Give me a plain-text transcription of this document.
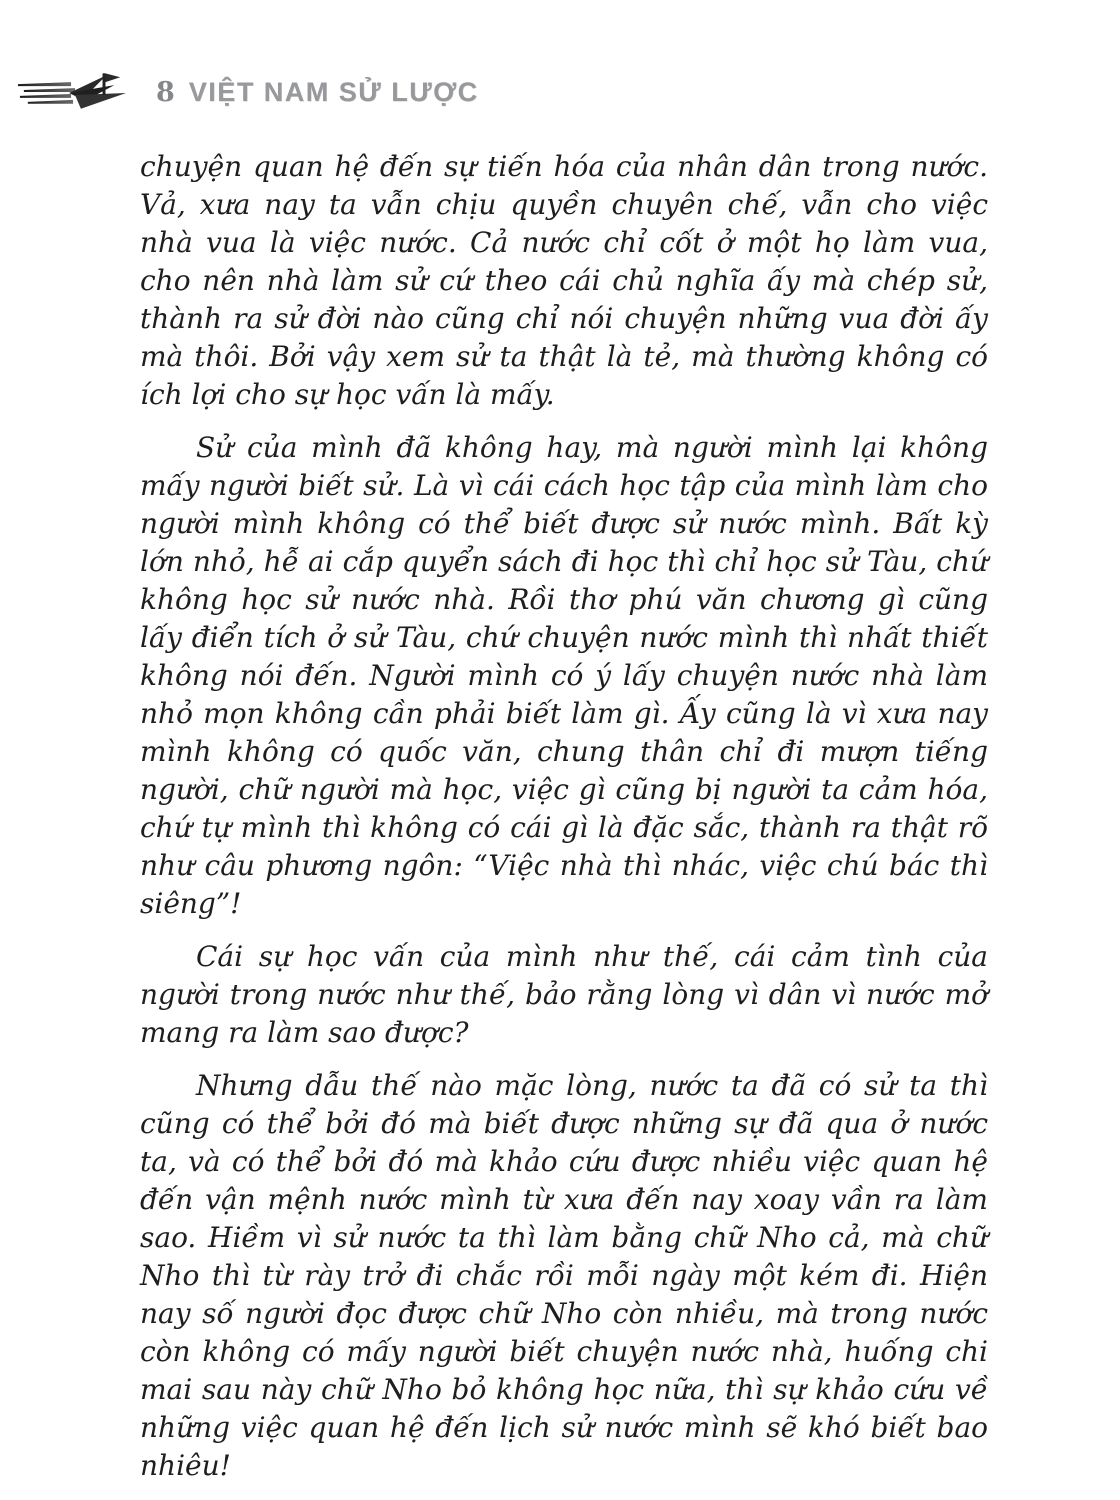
8 VIỆT NAM SỬ LƯỢC

chuyện quan hệ đến sự tiến hóa của nhân dân trong nước. Vả, xưa nay ta vẫn chịu quyền chuyên chế, vẫn cho việc nhà vua là việc nước. Cả nước chỉ cốt ở một họ làm vua, cho nên nhà làm sử cứ theo cái chủ nghĩa ấy mà chép sử, thành ra sử đời nào cũng chỉ nói chuyện những vua đời ấy mà thôi. Bởi vậy xem sử ta thật là tẻ, mà thường không có ích lợi cho sự học vấn là mấy.

Sử của mình đã không hay, mà người mình lại không mấy người biết sử. Là vì cái cách học tập của mình làm cho người mình không có thể biết được sử nước mình. Bất kỳ lớn nhỏ, hễ ai cắp quyển sách đi học thì chỉ học sử Tàu, chứ không học sử nước nhà. Rồi thơ phú văn chương gì cũng lấy điển tích ở sử Tàu, chứ chuyện nước mình thì nhất thiết không nói đến. Người mình có ý lấy chuyện nước nhà làm nhỏ mọn không cần phải biết làm gì. Ấy cũng là vì xưa nay mình không có quốc văn, chung thân chỉ đi mượn tiếng người, chữ người mà học, việc gì cũng bị người ta cảm hóa, chứ tự mình thì không có cái gì là đặc sắc, thành ra thật rõ như câu phương ngôn: “Việc nhà thì nhác, việc chú bác thì siêng”!

Cái sự học vấn của mình như thế, cái cảm tình của người trong nước như thế, bảo rằng lòng vì dân vì nước mở mang ra làm sao được?

Nhưng dẫu thế nào mặc lòng, nước ta đã có sử ta thì cũng có thể bởi đó mà biết được những sự đã qua ở nước ta, và có thể bởi đó mà khảo cứu được nhiều việc quan hệ đến vận mệnh nước mình từ xưa đến nay xoay vần ra làm sao. Hiềm vì sử nước ta thì làm bằng chữ Nho cả, mà chữ Nho thì từ rày trở đi chắc rồi mỗi ngày một kém đi. Hiện nay số người đọc được chữ Nho còn nhiều, mà trong nước còn không có mấy người biết chuyện nước nhà, huống chi mai sau này chữ Nho bỏ không học nữa, thì sự khảo cứu về những việc quan hệ đến lịch sử nước mình sẽ khó biết bao nhiêu!
